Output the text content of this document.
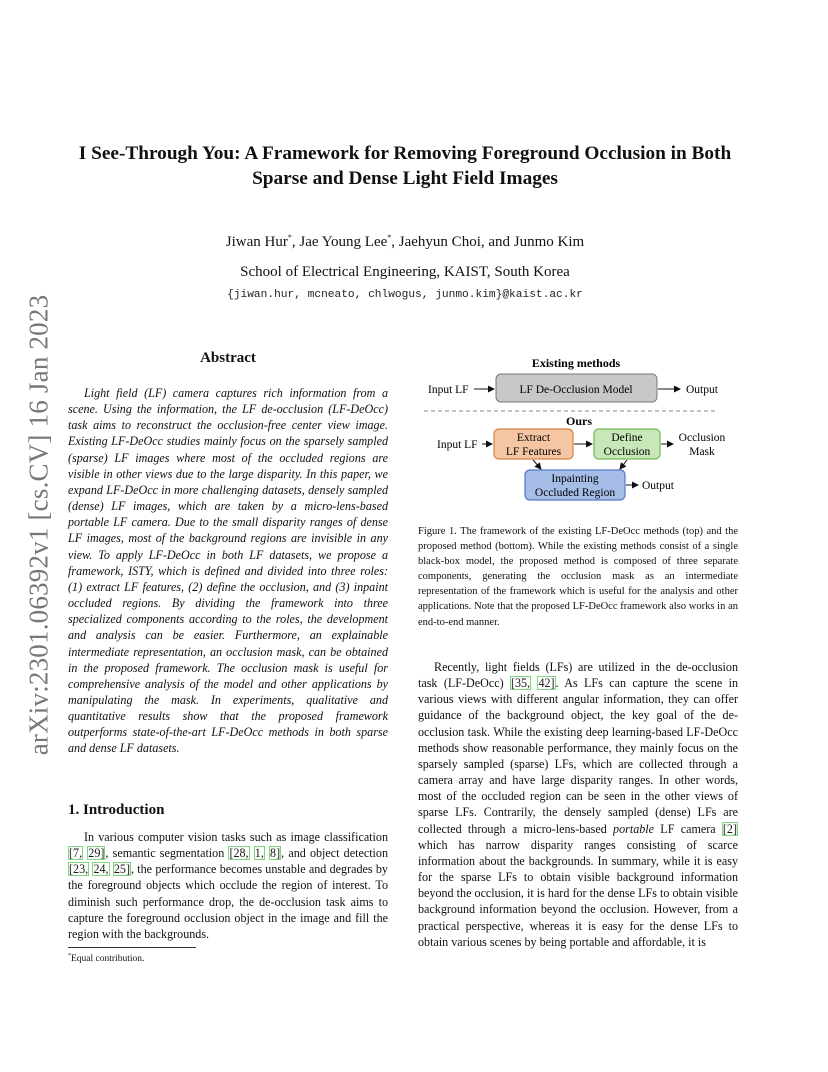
arXiv:2301.06392v1 [cs.CV] 16 Jan 2023
I See-Through You: A Framework for Removing Foreground Occlusion in Both
Sparse and Dense Light Field Images
Jiwan Hur*, Jae Young Lee*, Jaehyun Choi, and Junmo Kim
School of Electrical Engineering, KAIST, South Korea
{jiwan.hur, mcneato, chlwogus, junmo.kim}@kaist.ac.kr
Abstract
Light field (LF) camera captures rich information from a scene. Using the information, the LF de-occlusion (LF-DeOcc) task aims to reconstruct the occlusion-free center view image. Existing LF-DeOcc studies mainly focus on the sparsely sampled (sparse) LF images where most of the occluded regions are visible in other views due to the large disparity. In this paper, we expand LF-DeOcc in more challenging datasets, densely sampled (dense) LF images, which are taken by a micro-lens-based portable LF camera. Due to the small disparity ranges of dense LF images, most of the background regions are invisible in any view. To apply LF-DeOcc in both LF datasets, we propose a framework, ISTY, which is defined and divided into three roles: (1) extract LF features, (2) define the occlusion, and (3) inpaint occluded regions. By dividing the framework into three specialized components according to the roles, the development and analysis can be easier. Furthermore, an explainable intermediate representation, an occlusion mask, can be obtained in the proposed framework. The occlusion mask is useful for comprehensive analysis of the model and other applications by manipulating the mask. In experiments, qualitative and quantitative results show that the proposed framework outperforms state-of-the-art LF-DeOcc methods in both sparse and dense LF datasets.
1. Introduction
In various computer vision tasks such as image classification [7, 29], semantic segmentation [28, 1, 8], and object detection [23, 24, 25], the performance becomes unstable and degrades by the foreground objects which occlude the region of interest. To diminish such performance drop, the de-occlusion task aims to capture the foreground occlusion object in the image and fill the region with the backgrounds.
*Equal contribution.
Existing methods
Input LF	LF De-Occlusion Model	Output
Ours
Input LF
Extract
LF Features
Define
Occlusion
Occlusion
Mask
Inpainting
Occluded Region
Output
Figure 1. The framework of the existing LF-DeOcc methods (top) and the proposed method (bottom). While the existing methods consist of a single black-box model, the proposed method is composed of three separate components, generating the occlusion mask as an intermediate representation of the framework which is useful for the analysis and other applications. Note that the proposed LF-DeOcc framework also works in an end-to-end manner.
Recently, light fields (LFs) are utilized in the de-occlusion task (LF-DeOcc) [35, 42]. As LFs can capture the scene in various views with different angular information, they can offer guidance of the background object, the key goal of the de-occlusion task. While the existing deep learning-based LF-DeOcc methods show reasonable performance, they mainly focus on the sparsely sampled (sparse) LFs, which are collected through a camera array and have large disparity ranges. In other words, most of the occluded region can be seen in the other views of sparse LFs. Contrarily, the densely sampled (dense) LFs are collected through a micro-lens-based portable LF camera [2] which has narrow disparity ranges consisting of scarce information about the backgrounds. In summary, while it is easy for the sparse LFs to obtain visible background information beyond the occlusion, it is hard for the dense LFs to obtain visible background information beyond the occlusion. However, from a practical perspective, whereas it is easy for the dense LFs to obtain various scenes by being portable and affordable, it is
